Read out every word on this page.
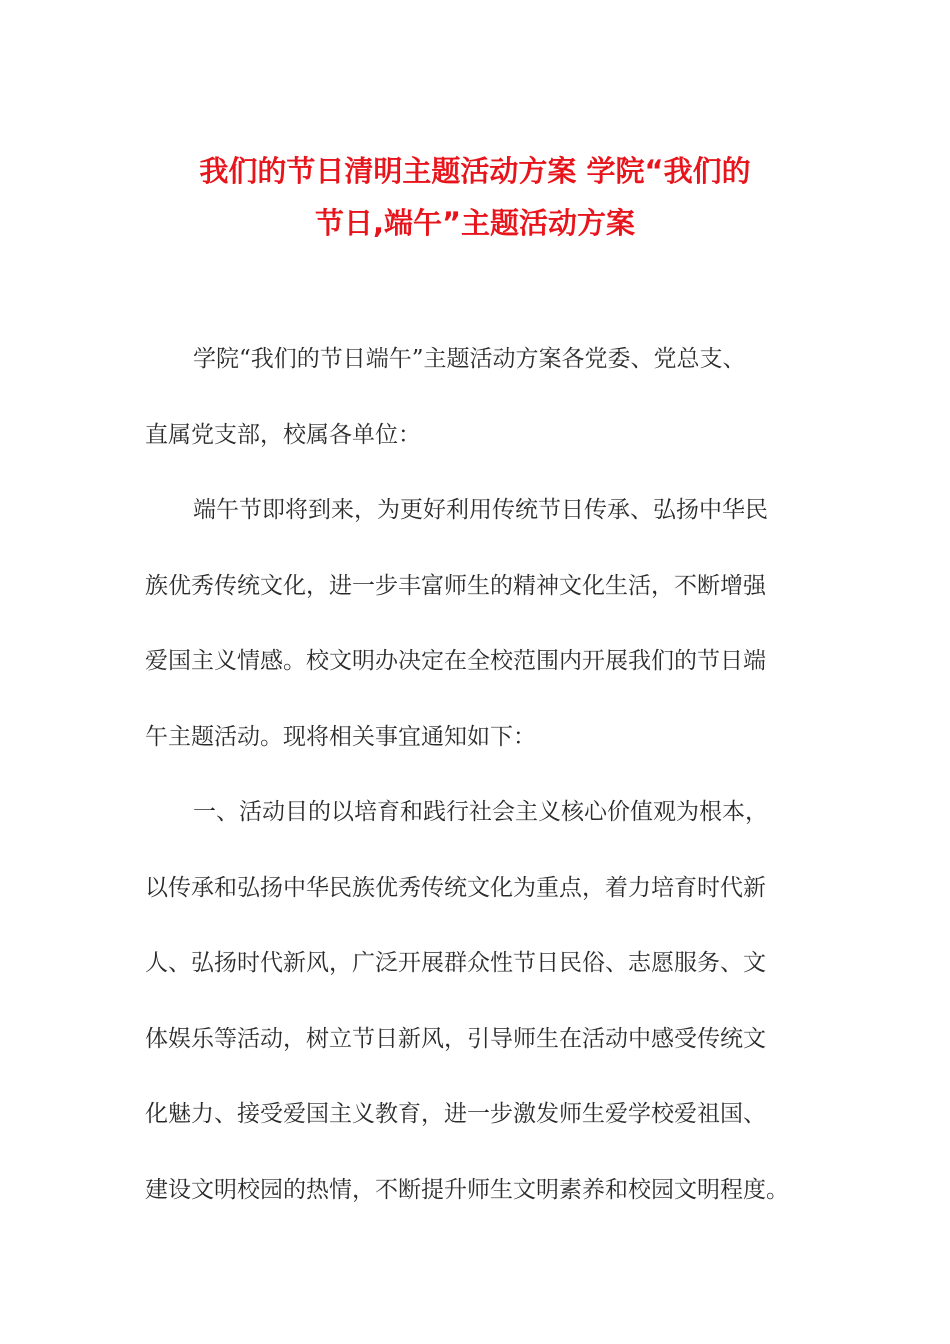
我们的节日清明主题活动方案 学院“我们的
节日,端午”主题活动方案
学院“我们的节日端午”主题活动方案各党委、党总支、
直属党支部，校属各单位：
端午节即将到来，为更好利用传统节日传承、弘扬中华民
族优秀传统文化，进一步丰富师生的精神文化生活，不断增强
爱国主义情感。校文明办决定在全校范围内开展我们的节日端
午主题活动。现将相关事宜通知如下：
一、活动目的以培育和践行社会主义核心价值观为根本，
以传承和弘扬中华民族优秀传统文化为重点，着力培育时代新
人、弘扬时代新风，广泛开展群众性节日民俗、志愿服务、文
体娱乐等活动，树立节日新风，引导师生在活动中感受传统文
化魅力、接受爱国主义教育，进一步激发师生爱学校爱祖国、
建设文明校园的热情，不断提升师生文明素养和校园文明程度。
